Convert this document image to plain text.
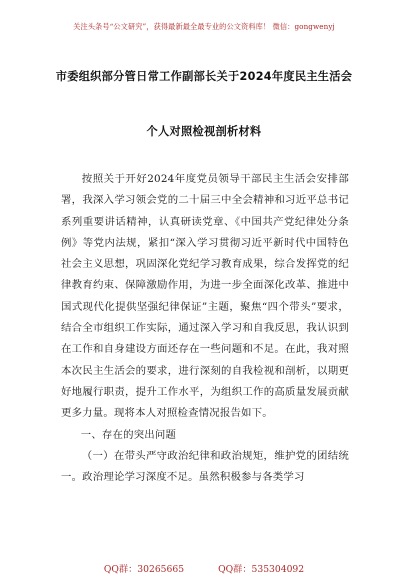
关注头条号“公文研究”，获得最新最全最专业的公文资料库！ 微信：gongwenyj
市委组织部分管日常工作副部长关于2024年度民主生活会
个人对照检视剖析材料

按照关于开好2024年度党员领导干部民主生活会安排部署，我深入学习领会党的二十届三中全会精神和习近平总书记系列重要讲话精神，认真研读党章、《中国共产党纪律处分条例》等党内法规，紧扣“深入学习贯彻习近平新时代中国特色社会主义思想，巩固深化党纪学习教育成果，综合发挥党的纪律教育约束、保障激励作用，为进一步全面深化改革、推进中国式现代化提供坚强纪律保证”主题，聚焦“四个带头”要求，结合全市组织工作实际，通过深入学习和自我反思，我认识到在工作和自身建设方面还存在一些问题和不足。在此，我对照本次民主生活会的要求，进行深刻的自我检视和剖析，以期更好地履行职责，提升工作水平，为组织工作的高质量发展贡献更多力量。现将本人对照检查情况报告如下。

一、存在的突出问题

（一）在带头严守政治纪律和政治规矩，维护党的团结统一。政治理论学习深度不足。虽然积极参与各类学习

QQ群：30265665	QQ群：535304092
